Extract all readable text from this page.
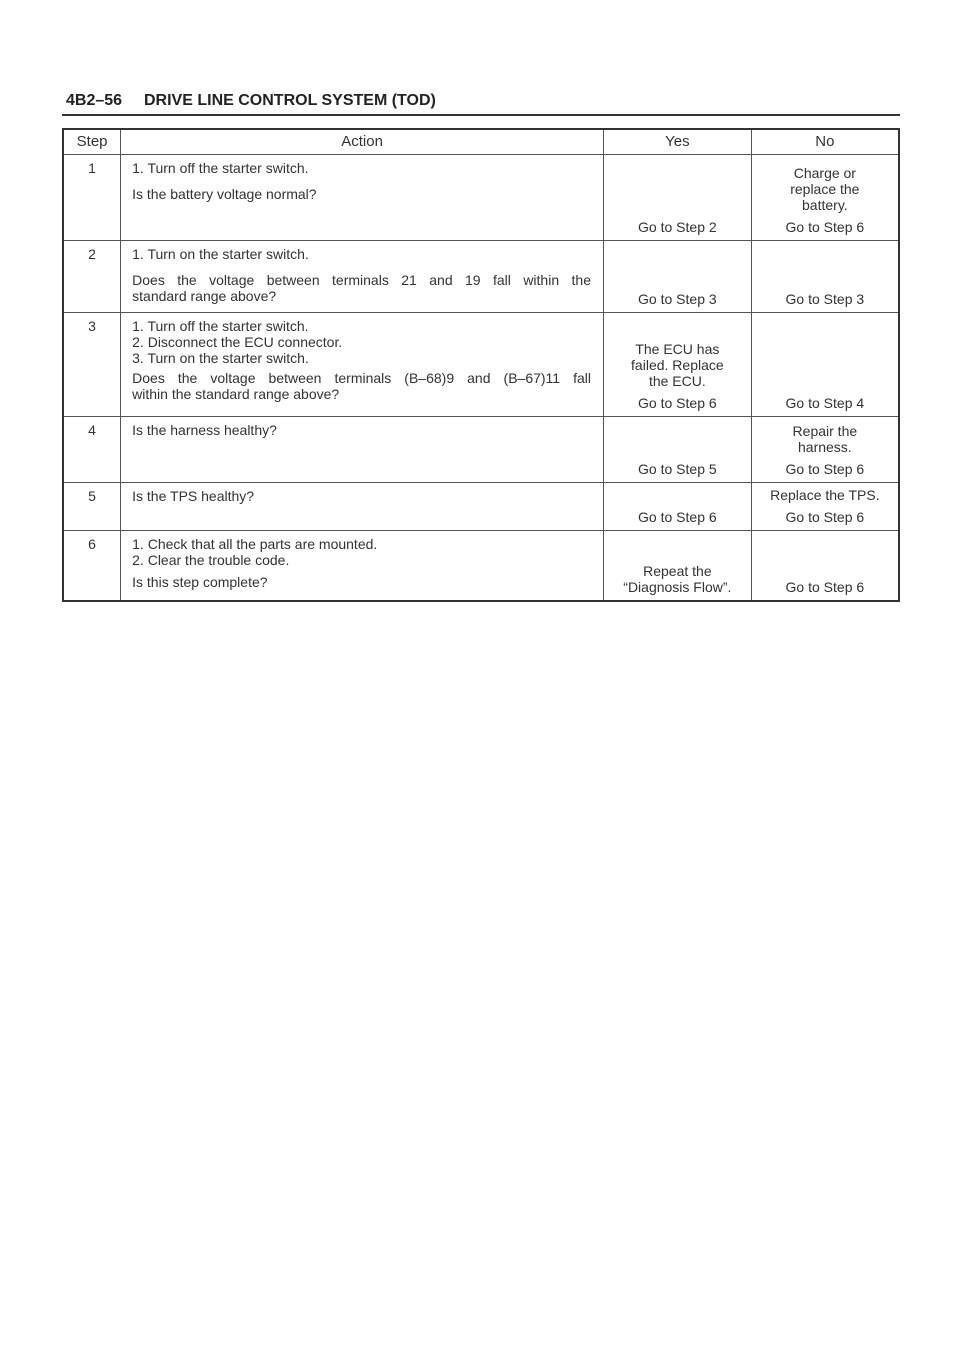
4B2–56 DRIVE LINE CONTROL SYSTEM (TOD)
Step	Action	Yes	No
1	1. Turn off the starter switch.
Is the battery voltage normal?	Go to Step 2	Charge or
replace the
battery.
Go to Step 6

2	1. Turn on the starter switch.
Does the voltage between terminals 21 and 19 fall within the
standard range above?	Go to Step 3	Go to Step 3

3	1. Turn off the starter switch.
2. Disconnect the ECU connector.
3. Turn on the starter switch.
Does the voltage between terminals (B–68)9 and (B–67)11 fall
within the standard range above?	The ECU has
failed. Replace
the ECU.
Go to Step 6	Go to Step 4

4	Is the harness healthy?	Go to Step 5	Repair the
harness.
Go to Step 6

5	Is the TPS healthy?	Go to Step 6	Replace the TPS.
Go to Step 6

6	1. Check that all the parts are mounted.
2. Clear the trouble code.
Is this step complete?	Repeat the
“Diagnosis Flow”.	Go to Step 6
